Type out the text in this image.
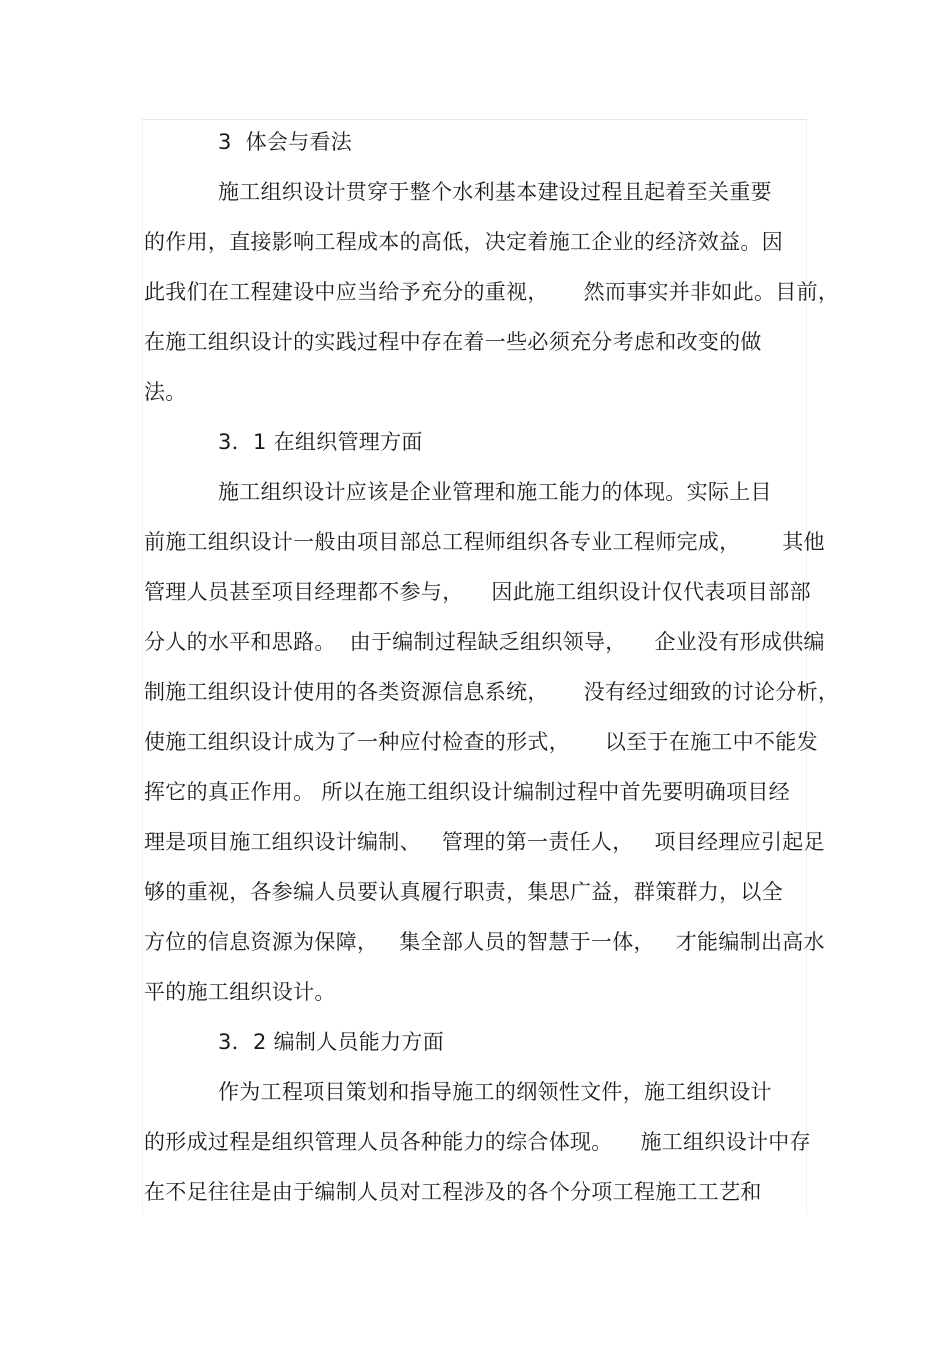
3  体会与看法
施工组织设计贯穿于整个水利基本建设过程且起着至关重要
的作用，直接影响工程成本的高低，决定着施工企业的经济效益。因
此我们在工程建设中应当给予充分的重视，     然而事实并非如此。目前，
在施工组织设计的实践过程中存在着一些必须充分考虑和改变的做
法。
3．1 在组织管理方面
施工组织设计应该是企业管理和施工能力的体现。实际上目
前施工组织设计一般由项目部总工程师组织各专业工程师完成，      其他
管理人员甚至项目经理都不参与，    因此施工组织设计仅代表项目部部
分人的水平和思路。  由于编制过程缺乏组织领导，    企业没有形成供编
制施工组织设计使用的各类资源信息系统，     没有经过细致的讨论分析，
使施工组织设计成为了一种应付检查的形式，     以至于在施工中不能发
挥它的真正作用。 所以在施工组织设计编制过程中首先要明确项目经
理是项目施工组织设计编制、   管理的第一责任人，   项目经理应引起足
够的重视，各参编人员要认真履行职责，集思广益，群策群力，以全
方位的信息资源为保障，   集全部人员的智慧于一体，   才能编制出高水
平的施工组织设计。
3．2 编制人员能力方面
作为工程项目策划和指导施工的纲领性文件，施工组织设计
的形成过程是组织管理人员各种能力的综合体现。    施工组织设计中存
在不足往往是由于编制人员对工程涉及的各个分项工程施工工艺和
